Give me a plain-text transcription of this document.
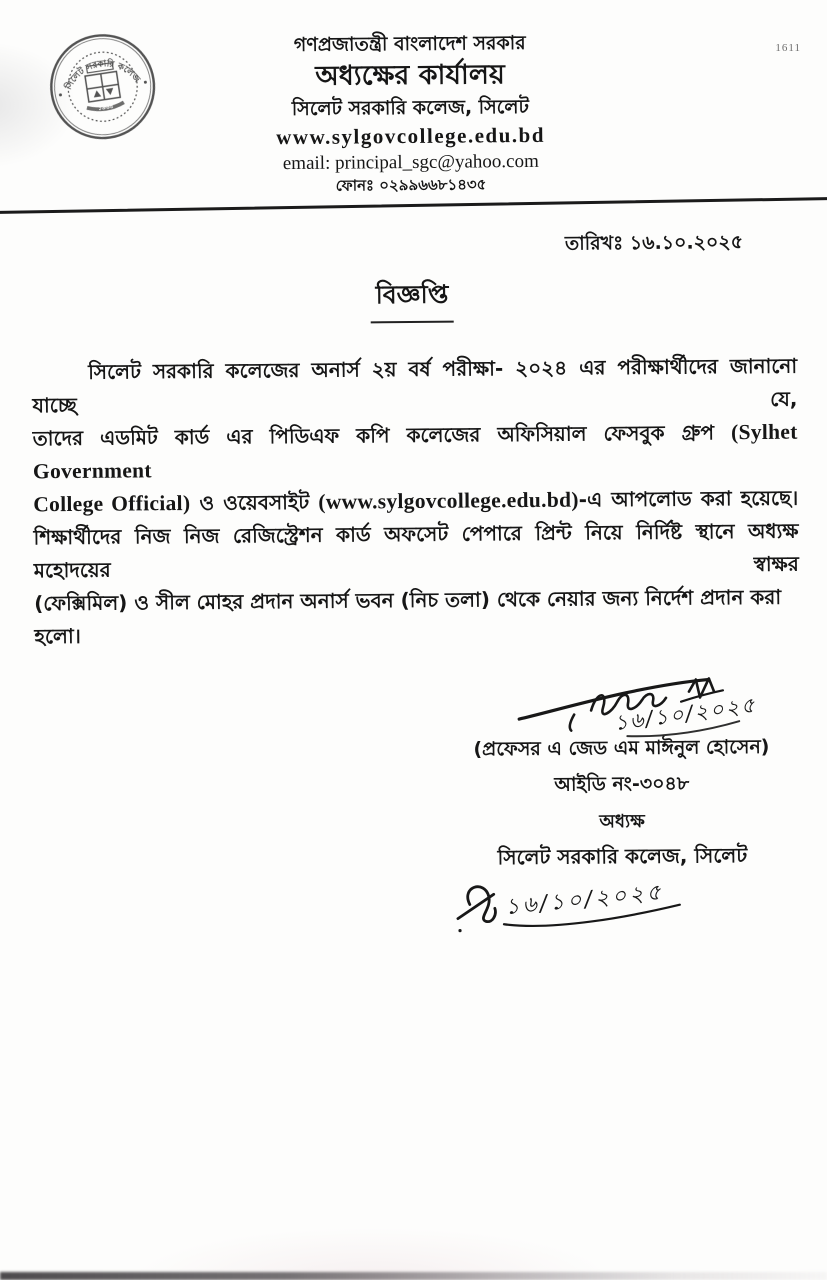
1611
সিলেট সরকারি কলেজ
১৯৬৪
গণপ্রজাতন্ত্রী বাংলাদেশ সরকার
অধ্যক্ষের কার্যালয়
সিলেট সরকারি কলেজ, সিলেট
www.sylgovcollege.edu.bd
email: principal_sgc@yahoo.com
ফোনঃ ০২৯৯৬৬৮১৪৩৫
তারিখঃ ১৬.১০.২০২৫
বিজ্ঞপ্তি
সিলেট সরকারি কলেজের অনার্স ২য় বর্ষ পরীক্ষা- ২০২৪ এর পরীক্ষার্থীদের জানানো যাচ্ছে যে,
তাদের এডমিট কার্ড এর পিডিএফ কপি কলেজের অফিসিয়াল ফেসবুক গ্রুপ (Sylhet Government
College Official) ও ওয়েবসাইট (www.sylgovcollege.edu.bd)-এ আপলোড করা হয়েছে।
শিক্ষার্থীদের নিজ নিজ রেজিস্ট্রেশন কার্ড অফসেট পেপারে প্রিন্ট নিয়ে নির্দিষ্ট স্থানে অধ্যক্ষ মহোদয়ের স্বাক্ষর
(ফেক্সিমিল) ও সীল মোহর প্রদান অনার্স ভবন (নিচ তলা) থেকে নেয়ার জন্য নির্দেশ প্রদান করা হলো।
১৬/১০/২০২৫
(প্রফেসর এ জেড এম মাঈনুল হোসেন)
আইডি নং-৩০৪৮
অধ্যক্ষ
সিলেট সরকারি কলেজ, সিলেট
১৬/১০/২০২৫
